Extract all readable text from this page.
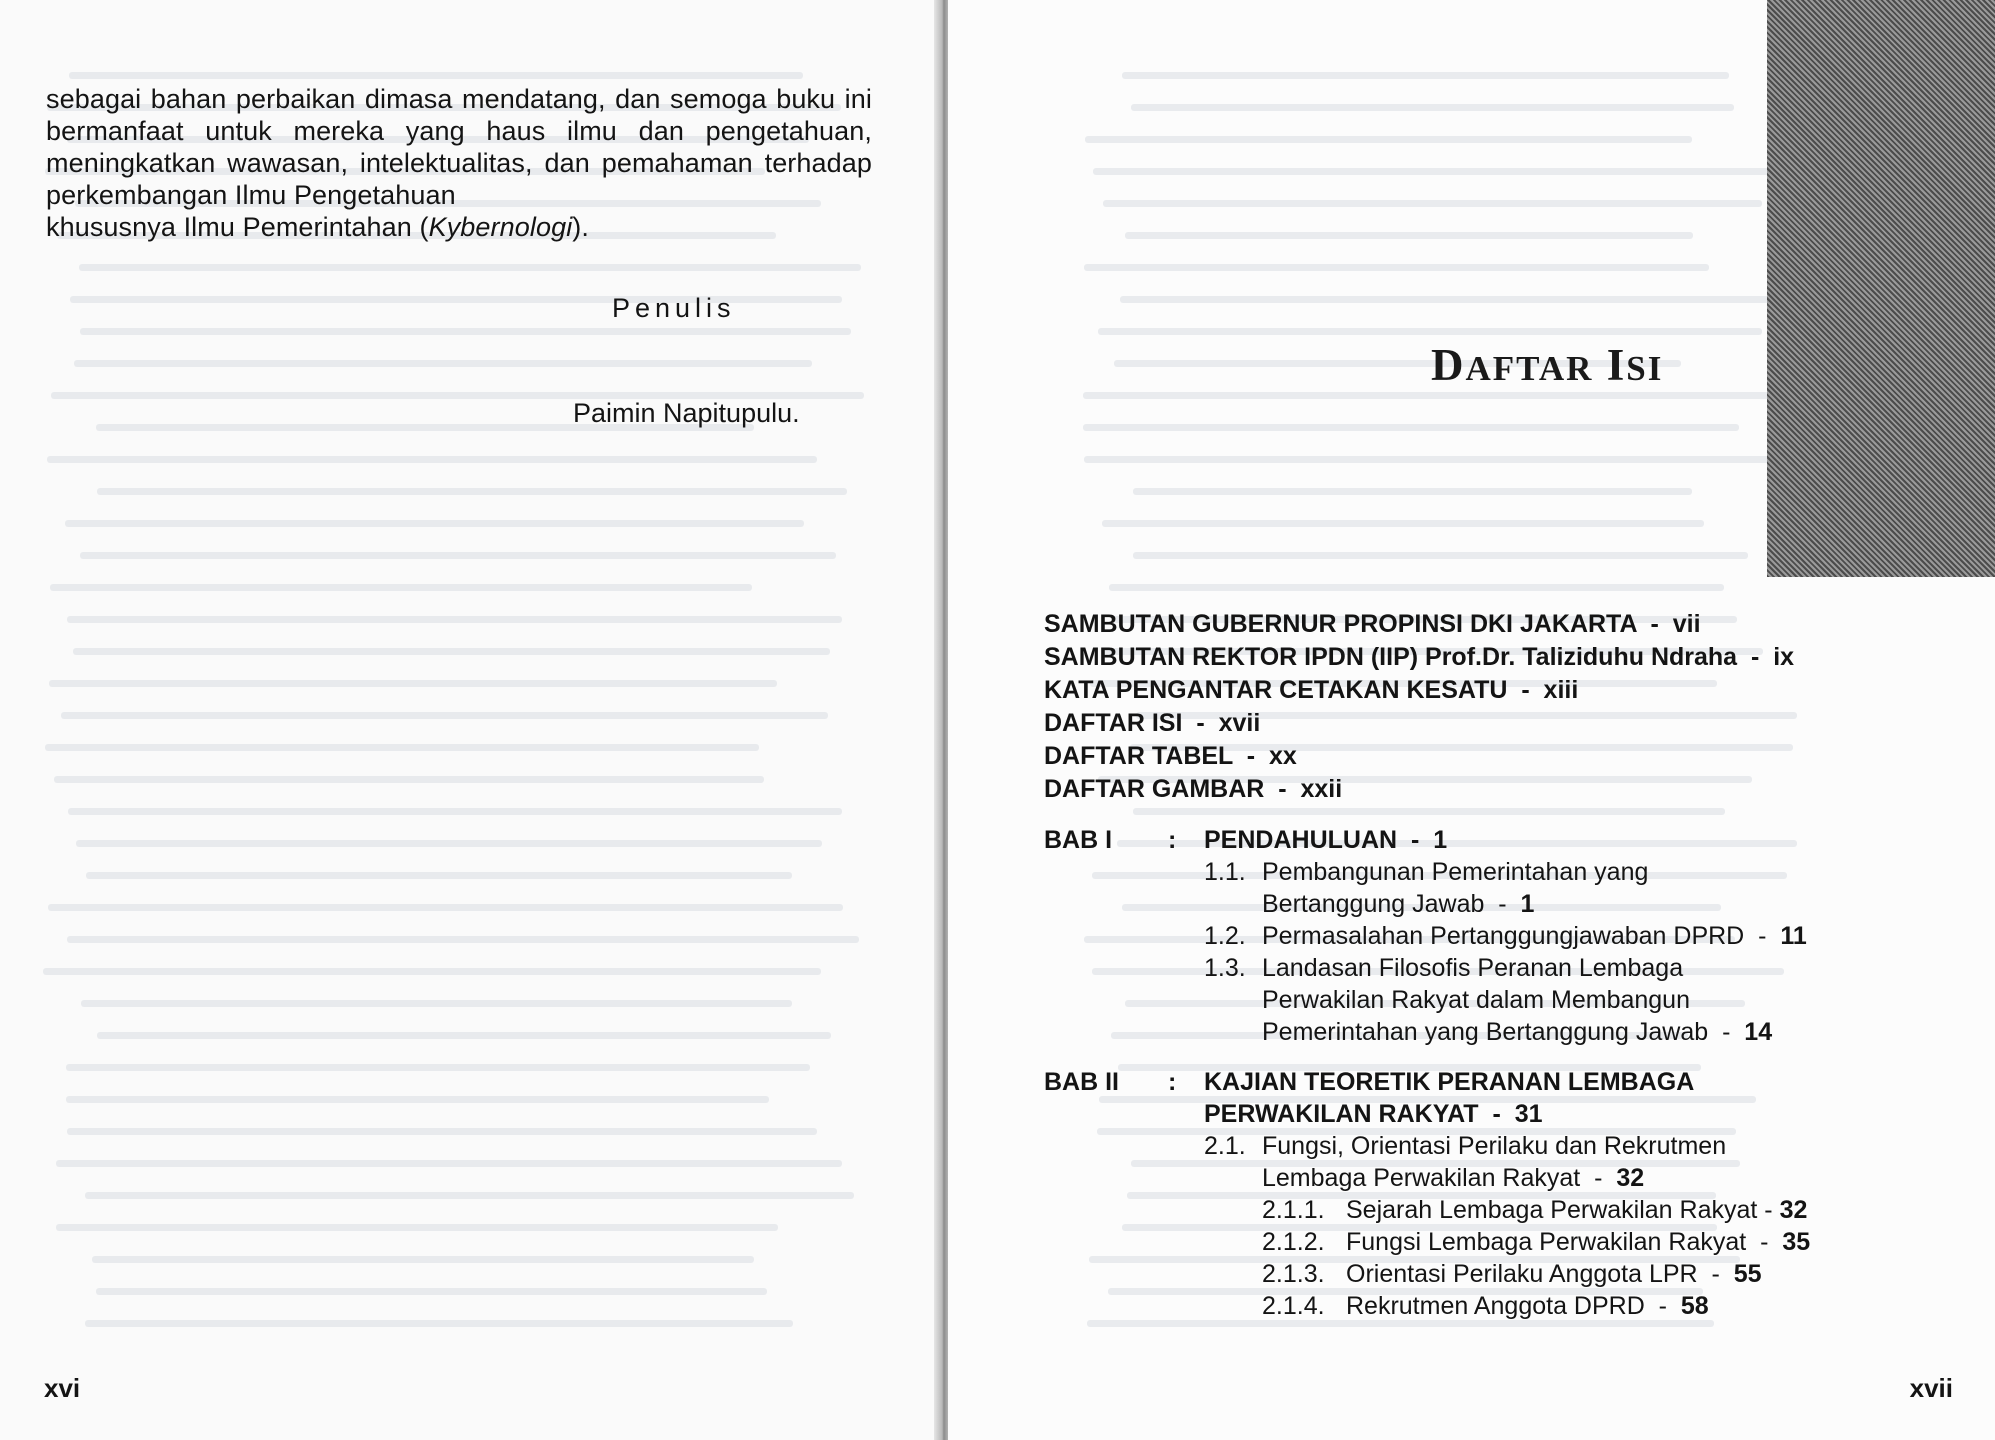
sebagai bahan perbaikan dimasa mendatang, dan semoga buku ini bermanfaat untuk mereka yang haus ilmu dan pengetahuan, meningkatkan wawasan, intelektualitas, dan pemahaman terhadap perkembangan Ilmu Pengetahuan
khususnya Ilmu Pemerintahan (Kybernologi).

Penulis
Paimin Napitupulu.
xvi
DAFTAR ISI
SAMBUTAN GUBERNUR PROPINSI DKI JAKARTA - vii
SAMBUTAN REKTOR IPDN (IIP) Prof.Dr. Taliziduhu Ndraha - ix
KATA PENGANTAR CETAKAN KESATU - xiii
DAFTAR ISI - xvii
DAFTAR TABEL - xx
DAFTAR GAMBAR - xxii
BAB I : PENDAHULUAN - 1
1.1. Pembangunan Pemerintahan yang
Bertanggung Jawab - 1
1.2. Permasalahan Pertanggungjawaban DPRD - 11
1.3. Landasan Filosofis Peranan Lembaga
Perwakilan Rakyat dalam Membangun
Pemerintahan yang Bertanggung Jawab - 14
BAB II : KAJIAN TEORETIK PERANAN LEMBAGA
PERWAKILAN RAKYAT - 31
2.1. Fungsi, Orientasi Perilaku dan Rekrutmen
Lembaga Perwakilan Rakyat - 32
2.1.1. Sejarah Lembaga Perwakilan Rakyat - 32
2.1.2. Fungsi Lembaga Perwakilan Rakyat - 35
2.1.3. Orientasi Perilaku Anggota LPR - 55
2.1.4. Rekrutmen Anggota DPRD - 58
xvii
